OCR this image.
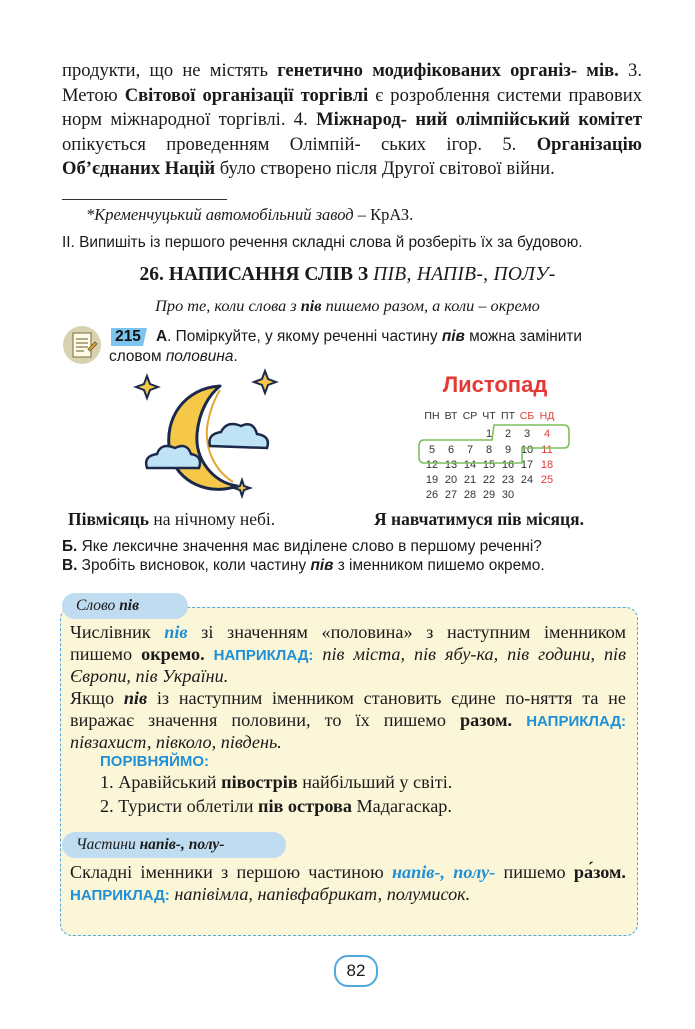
продукти, що не містять генетично модифікованих організ- мів. 3. Метою Світової організації торгівлі є розроблення системи правових норм міжнародної торгівлі. 4. Міжнарод- ний олімпійський комітет опікується проведенням Олімпій- ських ігор. 5. Організацію Об’єднаних Націй було створено після Другої світової війни.
*Кременчуцький автомобільний завод – КрАЗ.
ІІ. Випишіть із першого речення складні слова й розберіть їх за будовою.
26. НАПИСАННЯ СЛІВ З ПІВ, НАПІВ-, ПОЛУ-
Про те, коли слова з пів пишемо разом, а коли – окремо
215 А. Поміркуйте, у якому реченні частину пів можна замінити
словом половина.
Листопад
ПН ВТ СР ЧТ ПТ СБ НД
1 2 3 4
5 6 7 8 9 10 11
12 13 14 15 16 17 18
19 20 21 22 23 24 25
26 27 28 29 30
Півмісяць на нічному небі.	Я навчатимуся пів місяця.
Б. Яке лексичне значення має виділене слово в першому реченні?
В. Зробіть висновок, коли частину пів з іменником пишемо окремо.
Слово пів
Числівник пів зі значенням «половина» з наступним іменником пишемо окремо. НАПРИКЛАД: пів міста, пів ябу-ка, пів години, пів Європи, пів України.
Якщо пів із наступним іменником становить єдине по-няття та не виражає значення половини, то їх пишемо разом. НАПРИКЛАД: півзахист, півколо, південь.
ПОРІВНЯЙМО:
1. Аравійський півострів найбільший у світі.
2. Туристи облетіли пів острова Мадагаскар.
Частини напів-, полу-
Складні іменники з першою частиною напів-, полу- пишемо ра́зом. НАПРИКЛАД: напівімла, напівфабрикат, полумисок.
82
